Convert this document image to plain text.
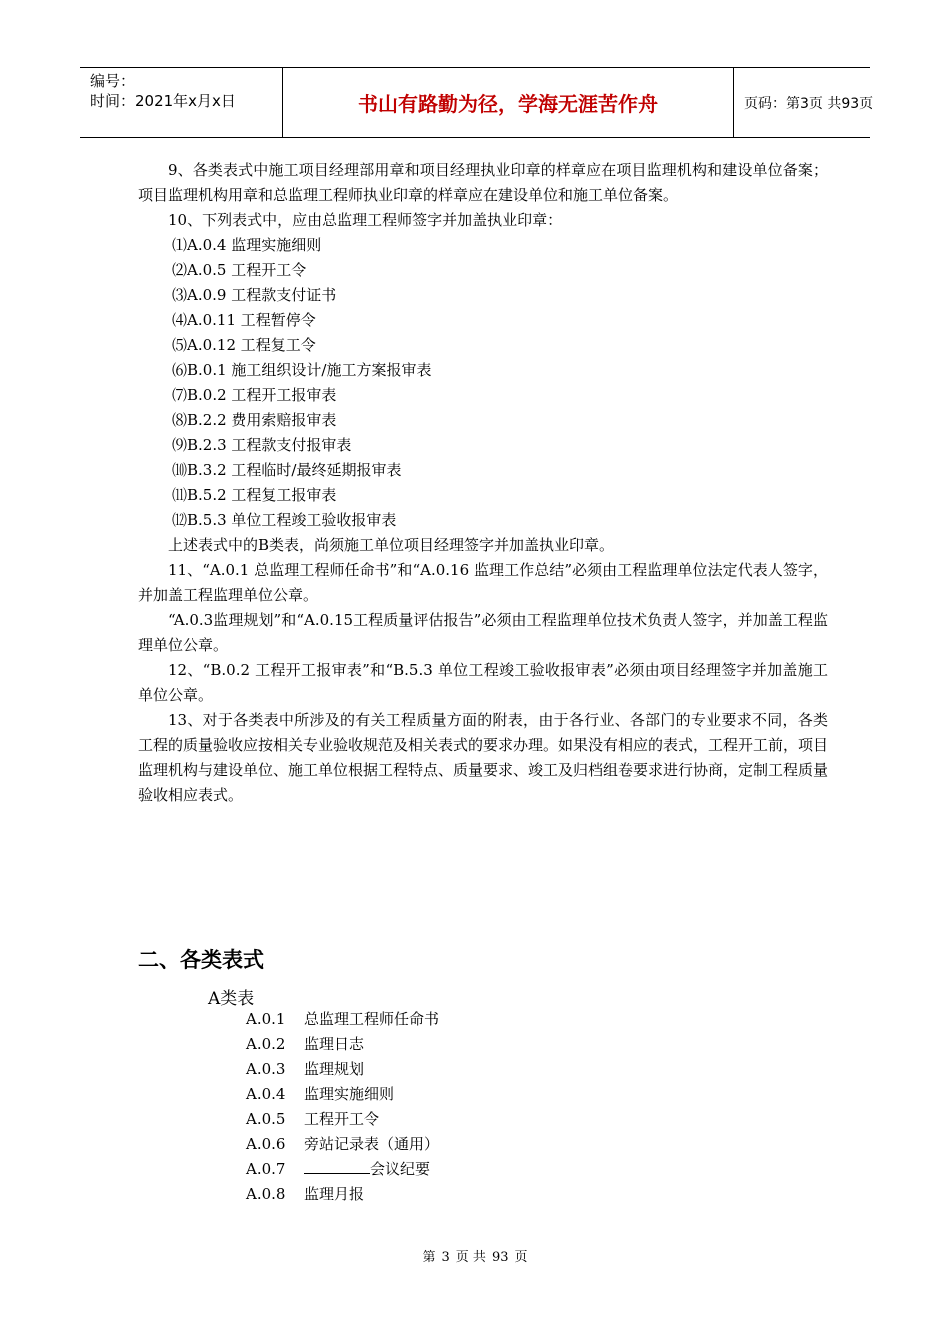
编号：
时间：2021年x月x日	书山有路勤为径，学海无涯苦作舟	页码：第3页 共93页

9、各类表式中施工项目经理部用章和项目经理执业印章的样章应在项目监理机构和建设单位备案；项目监理机构用章和总监理工程师执业印章的样章应在建设单位和施工单位备案。

10、下列表式中，应由总监理工程师签字并加盖执业印章：

⑴A.0.4 监理实施细则

⑵A.0.5 工程开工令

⑶A.0.9 工程款支付证书

⑷A.0.11 工程暂停令

⑸A.0.12 工程复工令

⑹B.0.1 施工组织设计/施工方案报审表

⑺B.0.2 工程开工报审表

⑻B.2.2 费用索赔报审表

⑼B.2.3 工程款支付报审表

⑽B.3.2 工程临时/最终延期报审表

⑾B.5.2 工程复工报审表

⑿B.5.3 单位工程竣工验收报审表

上述表式中的B类表，尚须施工单位项目经理签字并加盖执业印章。

11、“A.0.1 总监理工程师任命书”和“A.0.16 监理工作总结”必须由工程监理单位法定代表人签字，并加盖工程监理单位公章。

“A.0.3监理规划”和“A.0.15工程质量评估报告”必须由工程监理单位技术负责人签字，并加盖工程监理单位公章。

12、“B.0.2 工程开工报审表”和“B.5.3 单位工程竣工验收报审表”必须由项目经理签字并加盖施工单位公章。

13、对于各类表中所涉及的有关工程质量方面的附表，由于各行业、各部门的专业要求不同，各类工程的质量验收应按相关专业验收规范及相关表式的要求办理。如果没有相应的表式，工程开工前，项目监理机构与建设单位、施工单位根据工程特点、质量要求、竣工及归档组卷要求进行协商，定制工程质量验收相应表式。

二、各类表式
A类表
A.0.1	总监理工程师任命书
A.0.2	监理日志
A.0.3	监理规划
A.0.4	监理实施细则
A.0.5	工程开工令
A.0.6	旁站记录表（通用）
A.0.7	会议纪要
A.0.8	监理月报
第 3 页 共 93 页
